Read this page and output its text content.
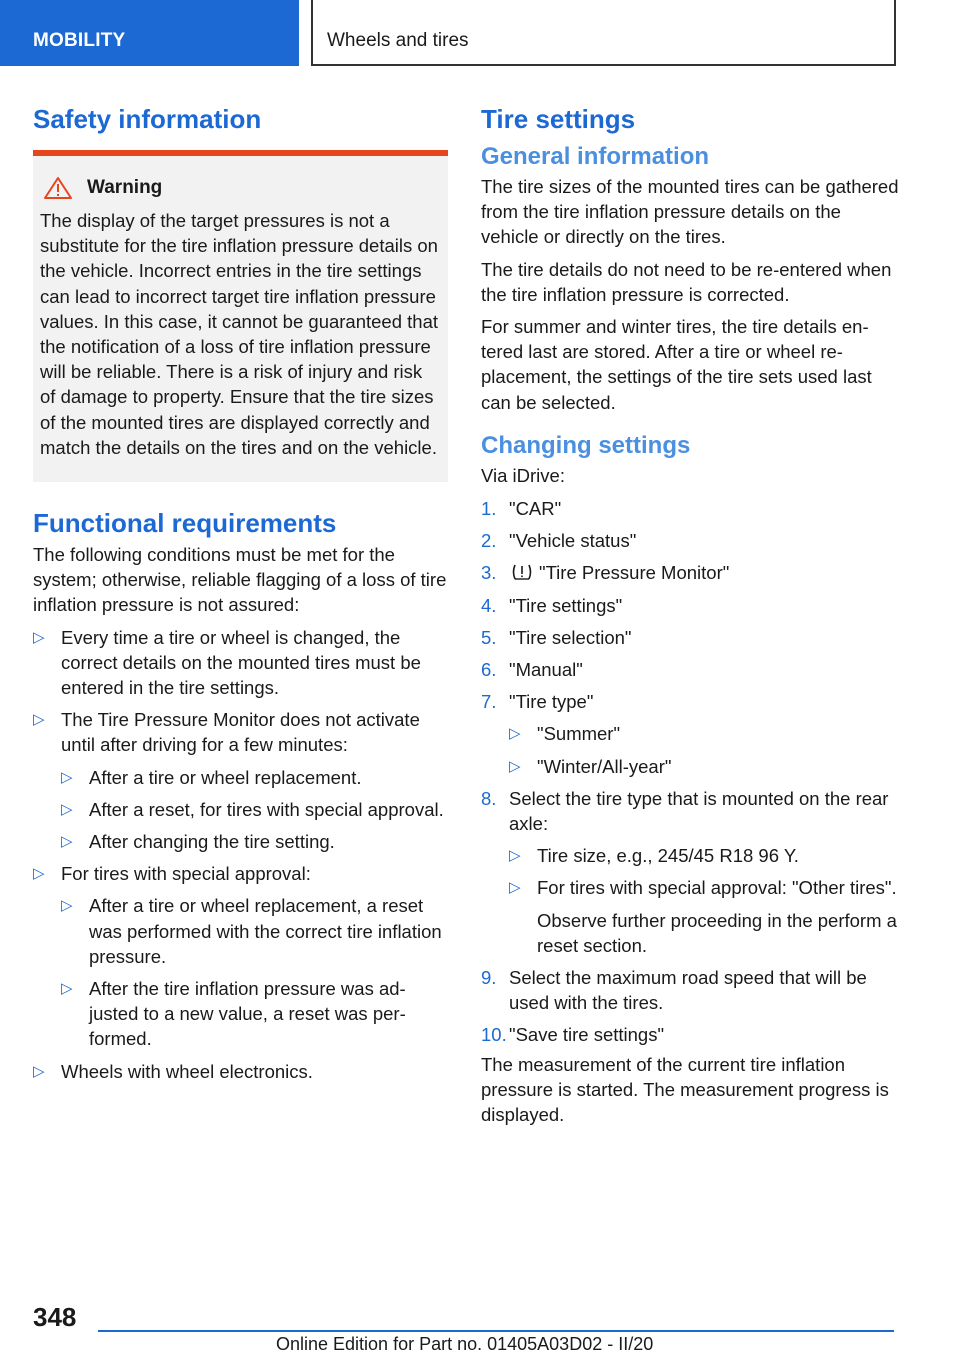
MOBILITY	Wheels and tires
Safety information
Warning
The display of the target pressures is not a substitute for the tire inflation pressure details on the vehicle. Incorrect entries in the tire settings can lead to incorrect target tire inflation pressure values. In this case, it cannot be guaranteed that the notification of a loss of tire inflation pressure will be reliable. There is a risk of injury and risk of damage to property. Ensure that the tire sizes of the mounted tires are displayed correctly and match the details on the tires and on the vehicle.
Functional requirements

The following conditions must be met for the system; otherwise, reliable flagging of a loss of tire inflation pressure is not assured:

▷ Every time a tire or wheel is changed, the correct details on the mounted tires must be entered in the tire settings.
▷ The Tire Pressure Monitor does not activate until after driving for a few minutes:
▷ After a tire or wheel replacement.
▷ After a reset, for tires with special approval.
▷ After changing the tire setting.
▷ For tires with special approval:
▷ After a tire or wheel replacement, a reset was performed with the correct tire inflation pressure.
▷ After the tire inflation pressure was adjusted to a new value, a reset was performed.
▷ Wheels with wheel electronics.
Tire settings
General information

The tire sizes of the mounted tires can be gathered from the tire inflation pressure details on the vehicle or directly on the tires.

The tire details do not need to be re-entered when the tire inflation pressure is corrected.

For summer and winter tires, the tire details entered last are stored. After a tire or wheel replacement, the settings of the tire sets used last can be selected.

Changing settings

Via iDrive:

1. "CAR"
2. "Vehicle status"
3. "Tire Pressure Monitor"
4. "Tire settings"
5. "Tire selection"
6. "Manual"
7. "Tire type"
▷ "Summer"
▷ "Winter/All-year"
8. Select the tire type that is mounted on the rear axle:
▷ Tire size, e.g., 245/45 R18 96 Y.
▷ For tires with special approval: "Other tires".

Observe further proceeding in the perform a reset section.

9. Select the maximum road speed that will be used with the tires.
10. "Save tire settings"

The measurement of the current tire inflation pressure is started. The measurement progress is displayed.

348
Online Edition for Part no. 01405A03D02 - II/20
